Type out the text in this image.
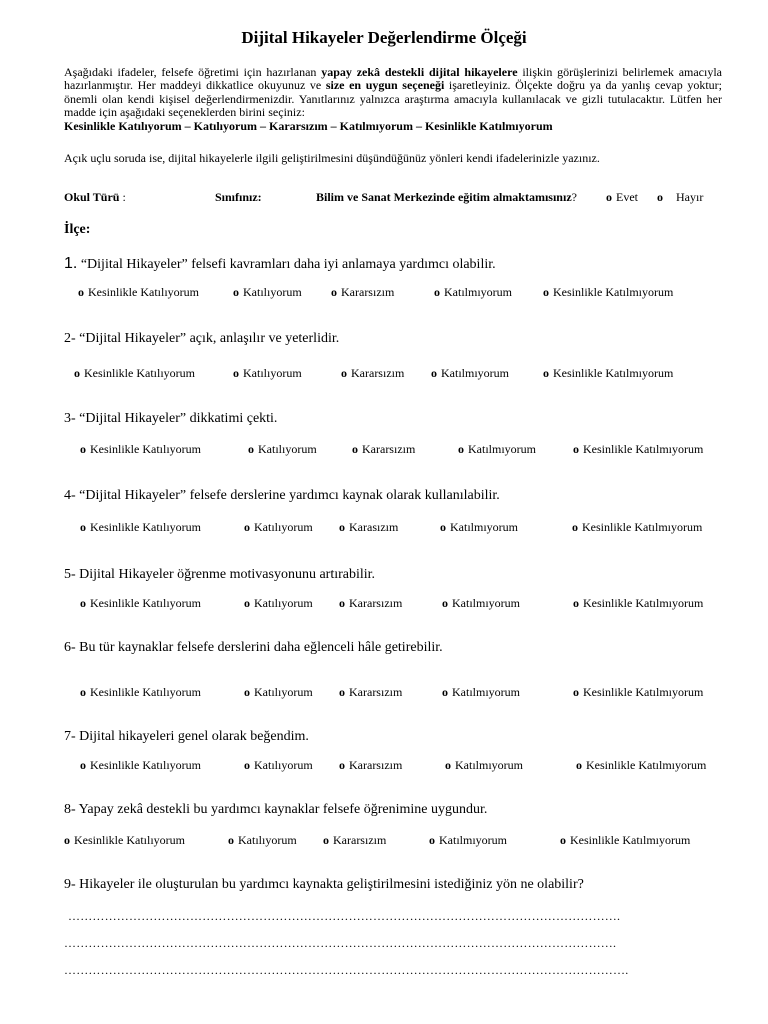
Dijital Hikayeler Değerlendirme Ölçeği
Aşağıdaki ifadeler, felsefe öğretimi için hazırlanan yapay zekâ destekli dijital hikayelere ilişkin görüşlerinizi belirlemek amacıyla hazırlanmıştır. Her maddeyi dikkatlice okuyunuz ve size en uygun seçeneği işaretleyiniz. Ölçekte doğru ya da yanlış cevap yoktur; önemli olan kendi kişisel değerlendirmenizdir. Yanıtlarınız yalnızca araştırma amacıyla kullanılacak ve gizli tutulacaktır. Lütfen her madde için aşağıdaki seçeneklerden birini seçiniz:
Kesinlikle Katılıyorum – Katılıyorum – Kararsızım – Katılmıyorum – Kesinlikle Katılmıyorum
Açık uçlu soruda ise, dijital hikayelerle ilgili geliştirilmesini düşündüğünüz yönleri kendi ifadelerinizle yazınız.
Okul Türü :	Sınıfınız:	Bilim ve Sanat Merkezinde eğitim almaktamısınız? o Evet o Hayır
İlçe:
1. “Dijital Hikayeler” felsefi kavramları daha iyi anlamaya yardımcı olabilir.
o Kesinlikle Katılıyorum	o Katılıyorum o Kararsızım	o Katılmıyorum	o Kesinlikle Katılmıyorum
2- “Dijital Hikayeler” açık, anlaşılır ve yeterlidir.
o Kesinlikle Katılıyorum	o Katılıyorum	o Kararsızım o Katılmıyorum	o Kesinlikle Katılmıyorum
3- “Dijital Hikayeler” dikkatimi çekti.
o Kesinlikle Katılıyorum	o Katılıyorum	o Kararsızım	o Katılmıyorum	o Kesinlikle Katılmıyorum
4- “Dijital Hikayeler” felsefe derslerine yardımcı kaynak olarak kullanılabilir.
o Kesinlikle Katılıyorum	o Katılıyorum o Karasızım	o Katılmıyorum	o Kesinlikle Katılmıyorum
5- Dijital Hikayeler öğrenme motivasyonunu artırabilir.
o Kesinlikle Katılıyorum	o Katılıyorum o Kararsızım	o Katılmıyorum	o Kesinlikle Katılmıyorum
6- Bu tür kaynaklar felsefe derslerini daha eğlenceli hâle getirebilir.
o Kesinlikle Katılıyorum	o Katılıyorum o Kararsızım	o Katılmıyorum	o Kesinlikle Katılmıyorum
7- Dijital hikayeleri genel olarak beğendim.
o Kesinlikle Katılıyorum	o Katılıyorum o Kararsızım	o Katılmıyorum	o Kesinlikle Katılmıyorum
8- Yapay zekâ destekli bu yardımcı kaynaklar felsefe öğrenimine uygundur.
o Kesinlikle Katılıyorum	o Katılıyorum o Kararsızım	o Katılmıyorum	o Kesinlikle Katılmıyorum
9- Hikayeler ile oluşturulan bu yardımcı kaynakta geliştirilmesini istediğiniz yön ne olabilir?
……………………………………………………………………………………………………………………….
……………………………………………………………………………………………………………………….
………………………………………………………………………………………………………………………….
